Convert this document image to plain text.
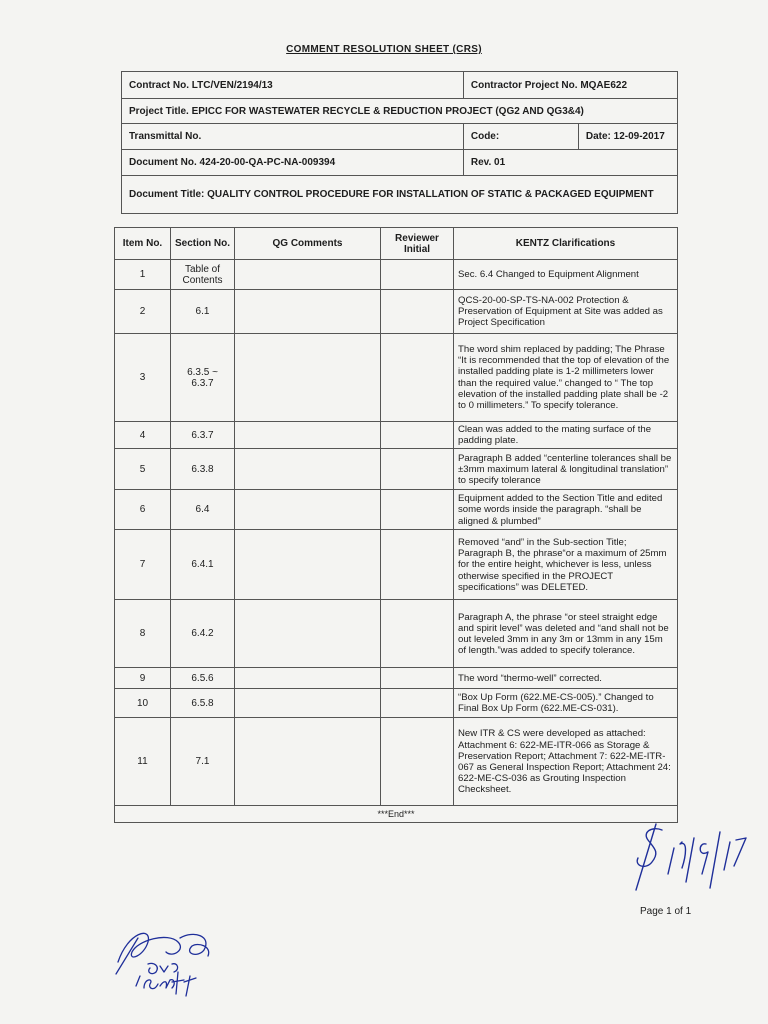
COMMENT RESOLUTION SHEET (CRS)
Contract No. LTC/VEN/2194/13	Contractor Project No. MQAE622	
Project Title. EPICC FOR WASTEWATER RECYCLE & REDUCTION PROJECT (QG2 AND QG3&4)		
Transmittal No.	Code:	Date: 12-09-2017
Document No. 424-20-00-QA-PC-NA-009394	Rev. 01	
Document Title: QUALITY CONTROL PROCEDURE FOR INSTALLATION OF STATIC & PACKAGED EQUIPMENT		
Item No.	Section No.	QG Comments	Reviewer Initial	KENTZ Clarifications
1	Table of Contents			Sec. 6.4 Changed to Equipment Alignment
2	6.1			QCS-20-00-SP-TS-NA-002 Protection & Preservation of Equipment at Site was added as Project Specification
3	6.3.5 ~ 6.3.7			The word shim replaced by padding; The Phrase “It is recommended that the top of elevation of the installed padding plate is 1-2 millimeters lower than the required value.” changed to “ The top elevation of the installed padding plate shall be -2 to 0 millimeters.” To specify tolerance.
4	6.3.7			Clean was added to the mating surface of the padding plate.
5	6.3.8			Paragraph B added “centerline tolerances shall be ±3mm maximum lateral & longitudinal translation” to specify tolerance
6	6.4			Equipment added to the Section Title and edited some words inside the paragraph. “shall be aligned & plumbed”
7	6.4.1			Removed “and” in the Sub-section Title; Paragraph B, the phrase“or a maximum of 25mm for the entire height, whichever is less, unless otherwise specified in the PROJECT specifications” was DELETED.
8	6.4.2			Paragraph A, the phrase “or steel straight edge and spirit level” was deleted and “and shall not be out leveled 3mm in any 3m or 13mm in any 15m of length.”was added to specify tolerance.
9	6.5.6			The word “thermo-well” corrected.
10	6.5.8			“Box Up Form (622.ME-CS-005).” Changed to Final Box Up Form (622.ME-CS-031).
11	7.1			New ITR & CS were developed as attached: Attachment 6: 622-ME-ITR-066 as Storage & Preservation Report; Attachment 7: 622-ME-ITR-067 as General Inspection Report; Attachment 24: 622-ME-CS-036 as Grouting Inspection Checksheet.
***End***				
Page 1 of 1
